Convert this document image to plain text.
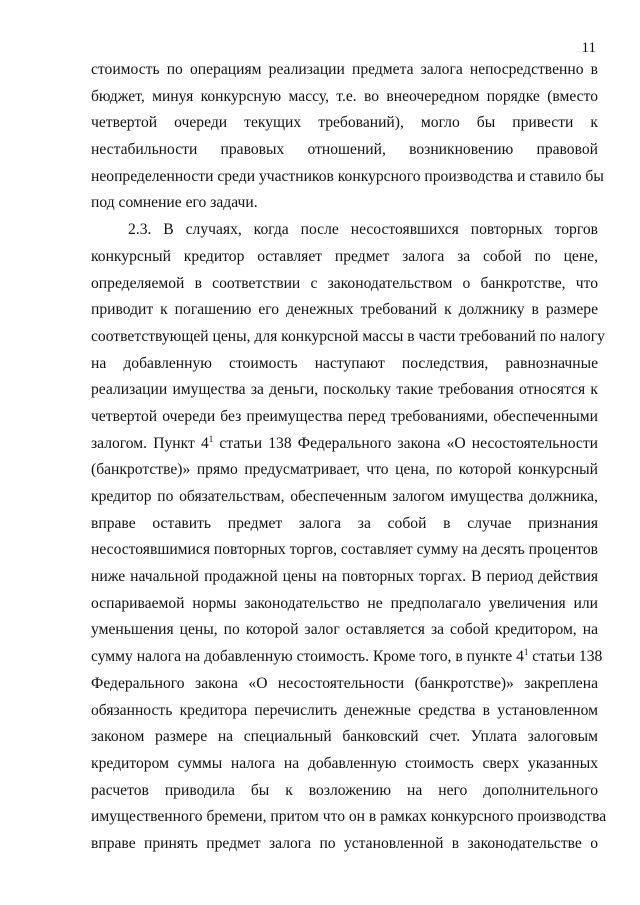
11
стоимость по операциям реализации предмета залога непосредственно в
бюджет, минуя конкурсную массу, т.е. во внеочередном порядке (вместо
четвертой очереди текущих требований), могло бы привести к
нестабильности правовых отношений, возникновению правовой
неопределенности среди участников конкурсного производства и ставило бы
под сомнение его задачи.
2.3. В случаях, когда после несостоявшихся повторных торгов
конкурсный кредитор оставляет предмет залога за собой по цене,
определяемой в соответствии с законодательством о банкротстве, что
приводит к погашению его денежных требований к должнику в размере
соответствующей цены, для конкурсной массы в части требований по налогу
на добавленную стоимость наступают последствия, равнозначные
реализации имущества за деньги, поскольку такие требования относятся к
четвертой очереди без преимущества перед требованиями, обеспеченными
залогом. Пункт $4^1$ статьи 138 Федерального закона «О несостоятельности
(банкротстве)» прямо предусматривает, что цена, по которой конкурсный
кредитор по обязательствам, обеспеченным залогом имущества должника,
вправе оставить предмет залога за собой в случае признания
несостоявшимися повторных торгов, составляет сумму на десять процентов
ниже начальной продажной цены на повторных торгах. В период действия
оспариваемой нормы законодательство не предполагало увеличения или
уменьшения цены, по которой залог оставляется за собой кредитором, на
сумму налога на добавленную стоимость. Кроме того, в пункте $4^1$ статьи 138
Федерального закона «О несостоятельности (банкротстве)» закреплена
обязанность кредитора перечислить денежные средства в установленном
законом размере на специальный банковский счет. Уплата залоговым
кредитором суммы налога на добавленную стоимость сверх указанных
расчетов приводила бы к возложению на него дополнительного
имущественного бремени, притом что он в рамках конкурсного производства
вправе принять предмет залога по установленной в законодательстве о
